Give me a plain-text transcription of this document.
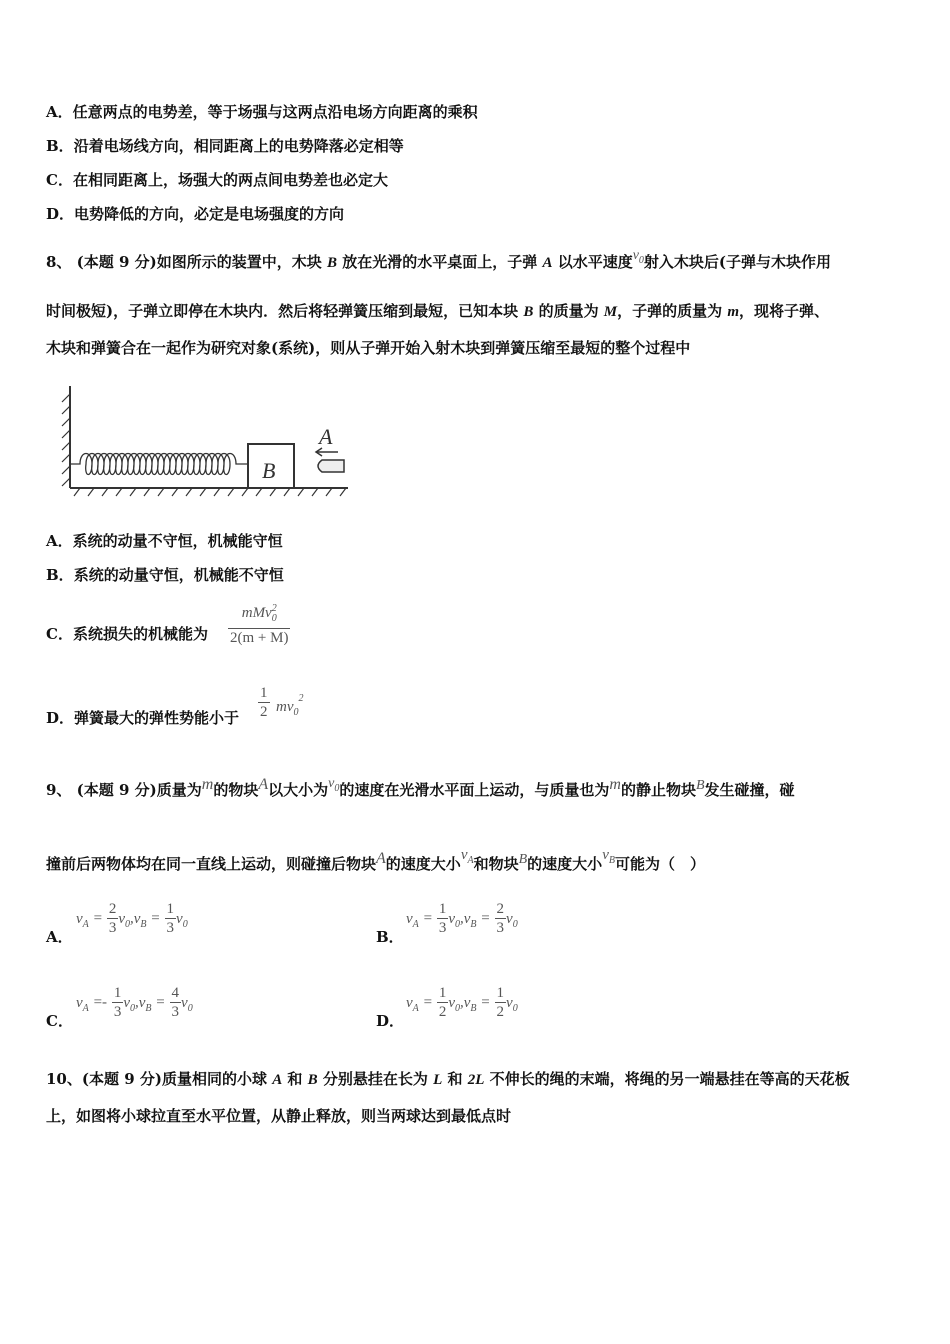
A．任意两点的电势差，等于场强与这两点沿电场方向距离的乘积
B．沿着电场线方向，相同距离上的电势降落必定相等
C．在相同距离上，场强大的两点间电势差也必定大
D．电势降低的方向，必定是电场强度的方向
8、 (本题 9 分)如图所示的装置中，木块 B 放在光滑的水平桌面上，子弹 A 以水平速度$v_0$射入木块后(子弹与木块作用
时间极短)，子弹立即停在木块内．然后将轻弹簧压缩到最短，已知本块 B 的质量为 M，子弹的质量为 m，现将子弹、
木块和弹簧合在一起作为研究对象(系统)，则从子弹开始入射木块到弹簧压缩至最短的整个过程中
B
A
A．系统的动量不守恒，机械能守恒
B．系统的动量守恒，机械能不守恒
C．系统损失的机械能为
mMv$^2_0$
2(m + M)
D．弹簧最大的弹性势能小于 $\frac{1}{2} mv_0^2$
9、 (本题 9 分)质量为m的物块A以大小为$v_0$的速度在光滑水平面上运动，与质量也为m的静止物块B发生碰撞，碰
撞前后两物体均在同一直线上运动，则碰撞后物块A的速度大小$v_A$和物块B的速度大小$v_B$可能为（　）
A．
$v_A = \frac{2}{3} v_0,v_B = \frac{1}{3} v_0$
B．
$v_A = \frac{1}{3} v_0,v_B = \frac{2}{3} v_0$
C．
$v_A =- \frac{1}{3} v_0,v_B = \frac{4}{3} v_0$
D．
$v_A = \frac{1}{2} v_0,v_B = \frac{1}{2} v_0$
10、(本题 9 分)质量相同的小球 A 和 B 分别悬挂在长为 L 和 2L 不伸长的绳的末端，将绳的另一端悬挂在等高的天花板
上，如图将小球拉直至水平位置，从静止释放，则当两球达到最低点时
